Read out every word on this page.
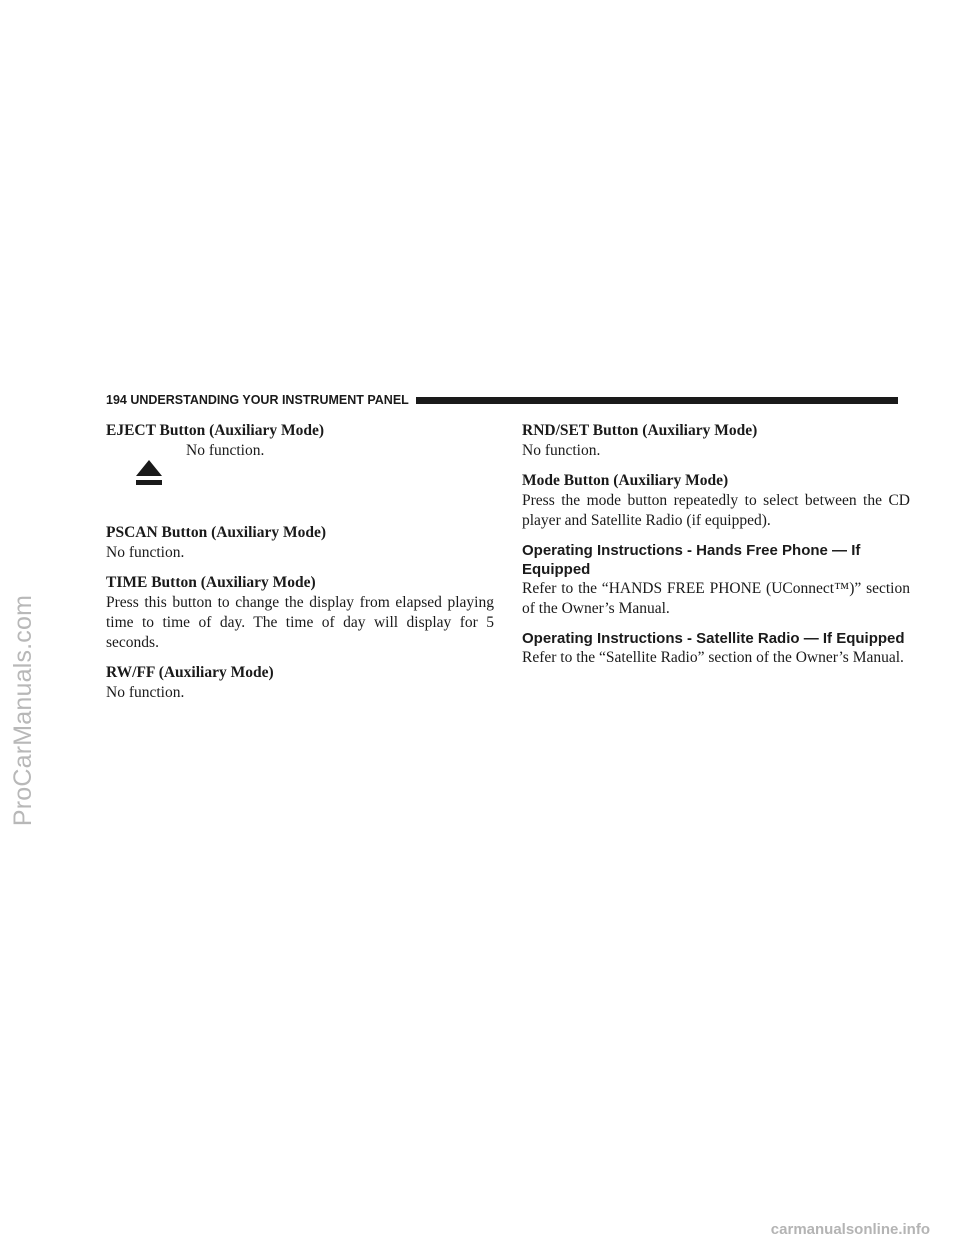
ProCarManuals.com
194 UNDERSTANDING YOUR INSTRUMENT PANEL
EJECT Button (Auxiliary Mode)
No function.
PSCAN Button (Auxiliary Mode)

No function.

TIME Button (Auxiliary Mode)

Press this button to change the display from elapsed playing time to time of day. The time of day will display for 5 seconds.

RW/FF (Auxiliary Mode)

No function.

RND/SET Button (Auxiliary Mode)

No function.

Mode Button (Auxiliary Mode)

Press the mode button repeatedly to select between the CD player and Satellite Radio (if equipped).

Operating Instructions - Hands Free Phone — If Equipped

Refer to the “HANDS FREE PHONE (UConnect™)” section of the Owner’s Manual.

Operating Instructions - Satellite Radio — If Equipped

Refer to the “Satellite Radio” section of the Owner’s Manual.

carmanualsonline.info
